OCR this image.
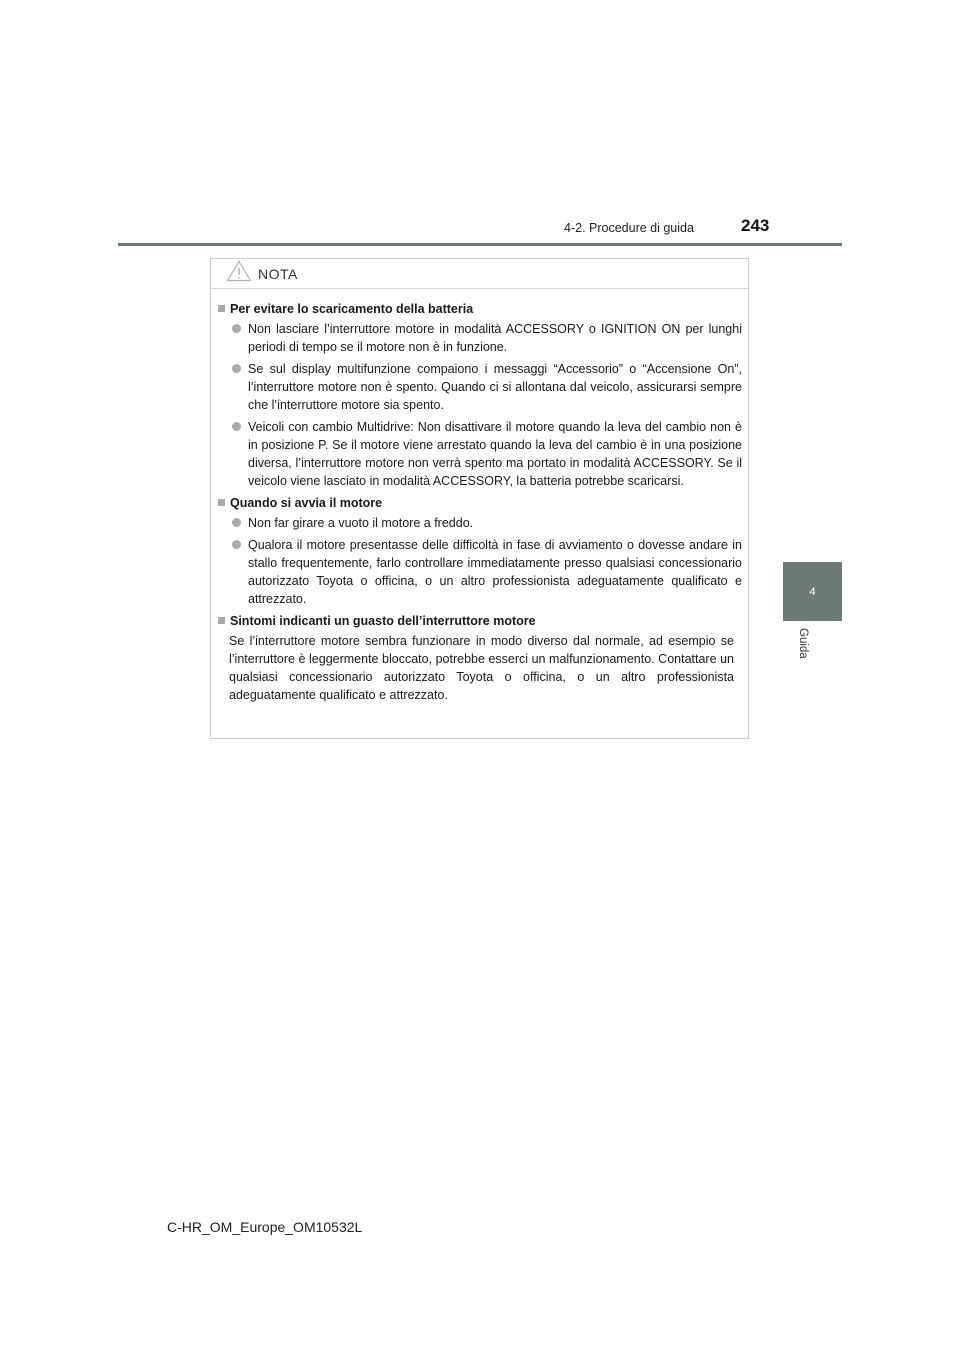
4-2. Procedure di guida	243
4
Guida
NOTA
Per evitare lo scaricamento della batteria
Non lasciare l’interruttore motore in modalità ACCESSORY o IGNITION ON per lunghi periodi di tempo se il motore non è in funzione.
Se sul display multifunzione compaiono i messaggi “Accessorio” o “Accensione On”, l’interruttore motore non è spento. Quando ci si allontana dal veicolo, assicurarsi sempre che l’interruttore motore sia spento.
Veicoli con cambio Multidrive: Non disattivare il motore quando la leva del cambio non è in posizione P. Se il motore viene arrestato quando la leva del cambio è in una posizione diversa, l’interruttore motore non verrà spento ma portato in modalità ACCESSORY. Se il veicolo viene lasciato in modalità ACCESSORY, la batteria potrebbe scaricarsi.
Quando si avvia il motore
Non far girare a vuoto il motore a freddo.
Qualora il motore presentasse delle difficoltà in fase di avviamento o dovesse andare in stallo frequentemente, farlo controllare immediatamente presso qualsiasi concessionario autorizzato Toyota o officina, o un altro professionista adeguatamente qualificato e attrezzato.
Sintomi indicanti un guasto dell’interruttore motore
Se l’interruttore motore sembra funzionare in modo diverso dal normale, ad esempio se l’interruttore è leggermente bloccato, potrebbe esserci un malfunzionamento. Contattare un qualsiasi concessionario autorizzato Toyota o officina, o un altro professionista adeguatamente qualificato e attrezzato.
C-HR_OM_Europe_OM10532L
